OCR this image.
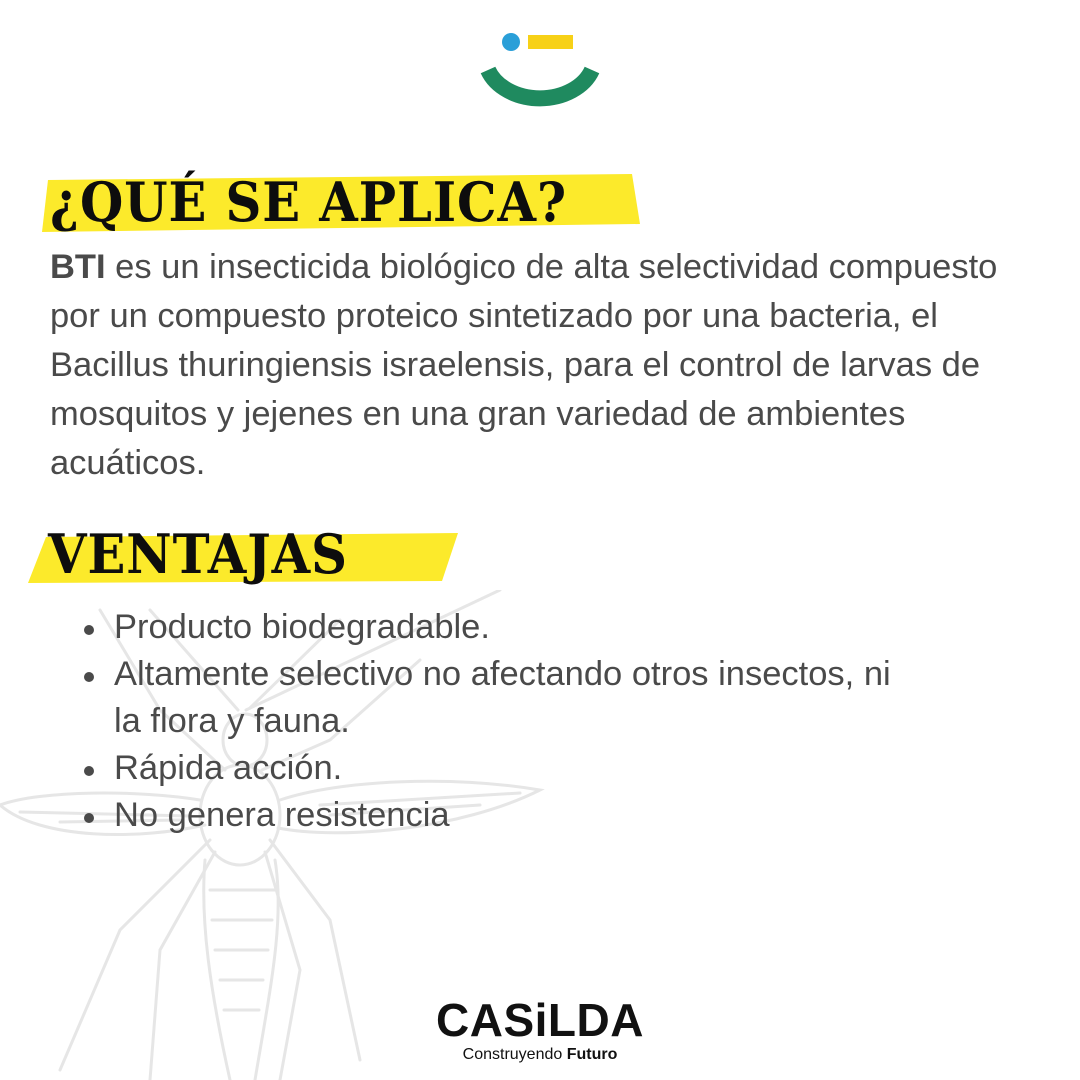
¿QUÉ SE APLICA?
BTI es un insecticida biológico de alta selectividad compuesto por un compuesto proteico sintetizado por una bacteria, el Bacillus thuringiensis israelensis, para el control de larvas de mosquitos y jejenes en una gran variedad de ambientes acuáticos.
VENTAJAS
Producto biodegradable.
Altamente selectivo no afectando otros insectos, ni la flora y fauna.
Rápida acción.
No genera resistencia
CASiLDA
Construyendo Futuro
